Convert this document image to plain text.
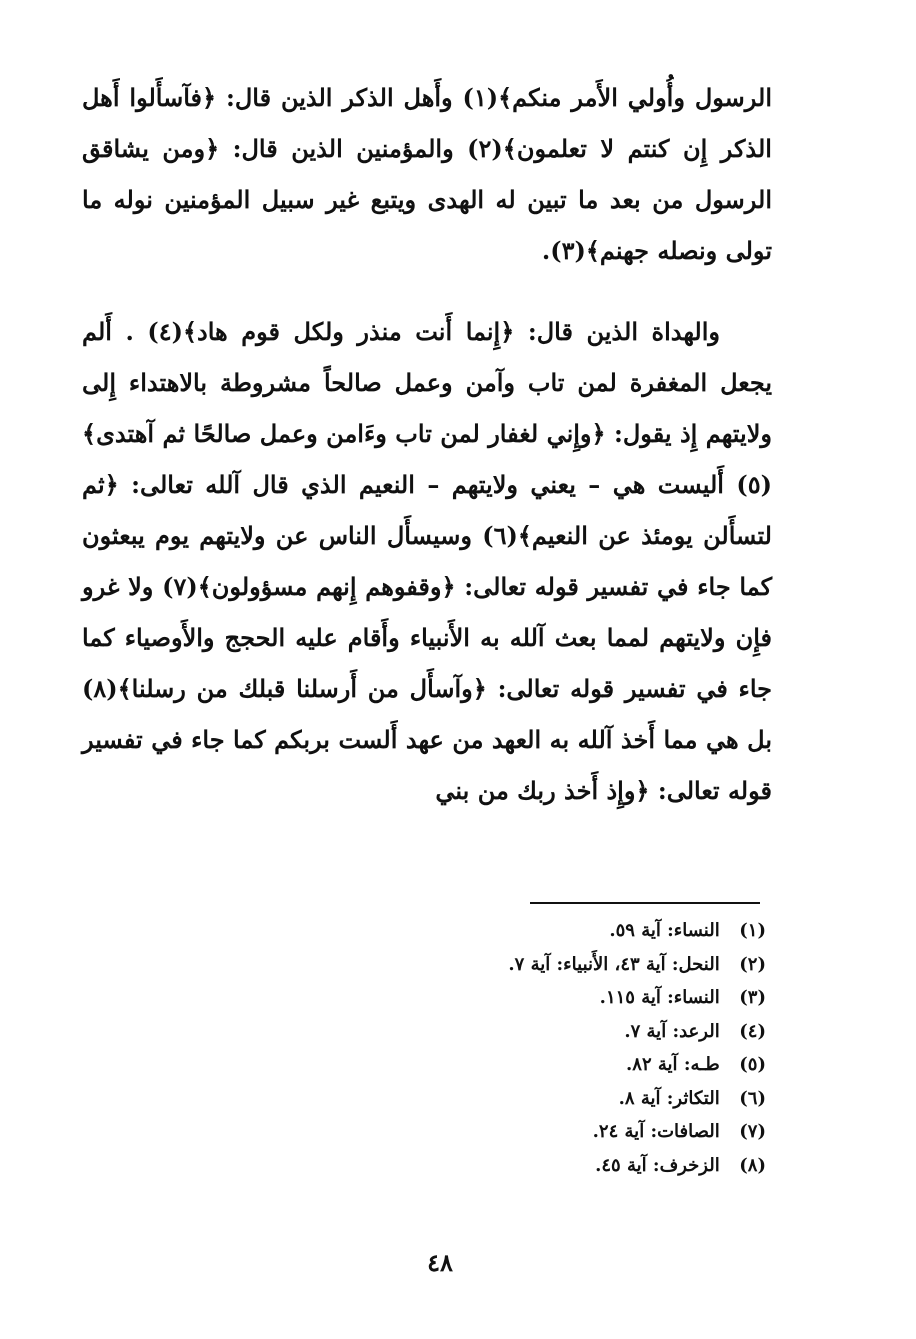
الرسول وأُولي الأَمر منكم﴾(١) وأَهل الذكر الذين قال: ﴿فآسأَلوا أَهل الذكر إِن كنتم لا تعلمون﴾(٢) والمؤمنين الذين قال: ﴿ومن يشاقق الرسول من بعد ما تبين له الهدى ويتبع غير سبيل المؤمنين نوله ما تولى ونصله جهنم﴾(٣).

والهداة الذين قال: ﴿إِنما أَنت منذر ولكل قوم هاد﴾(٤) . أَلم يجعل المغفرة لمن تاب وآمن وعمل صالحاً مشروطة بالاهتداء إِلى ولايتهم إِذ يقول: ﴿وإِني لغفار لمن تاب وءَامن وعمل صالحًا ثم آهتدى﴾(٥) أَليست هي – يعني ولايتهم – النعيم الذي قال آلله تعالى: ﴿ثم لتسأَلن يومئذ عن النعيم﴾(٦) وسيسأَل الناس عن ولايتهم يوم يبعثون كما جاء في تفسير قوله تعالى: ﴿وقفوهم إِنهم مسؤولون﴾(٧) ولا غرو فإِن ولايتهم لمما بعث آلله به الأَنبياء وأَقام عليه الحجج والأَوصياء كما جاء في تفسير قوله تعالى: ﴿وآسأَل من أَرسلنا قبلك من رسلنا﴾(٨) بل هي مما أَخذ آلله به العهد من عهد أَلست بربكم كما جاء في تفسير قوله تعالى: ﴿وإِذ أَخذ ربك من بني

(١) النساء: آية ٥٩.
(٢) النحل: آية ٤٣، الأَنبياء: آية ٧.
(٣) النساء: آية ١١٥.
(٤) الرعد: آية ٧.
(٥) طـه: آية ٨٢.
(٦) التكاثر: آية ٨.
(٧) الصافات: آية ٢٤.
(٨) الزخرف: آية ٤٥.
٤٨
